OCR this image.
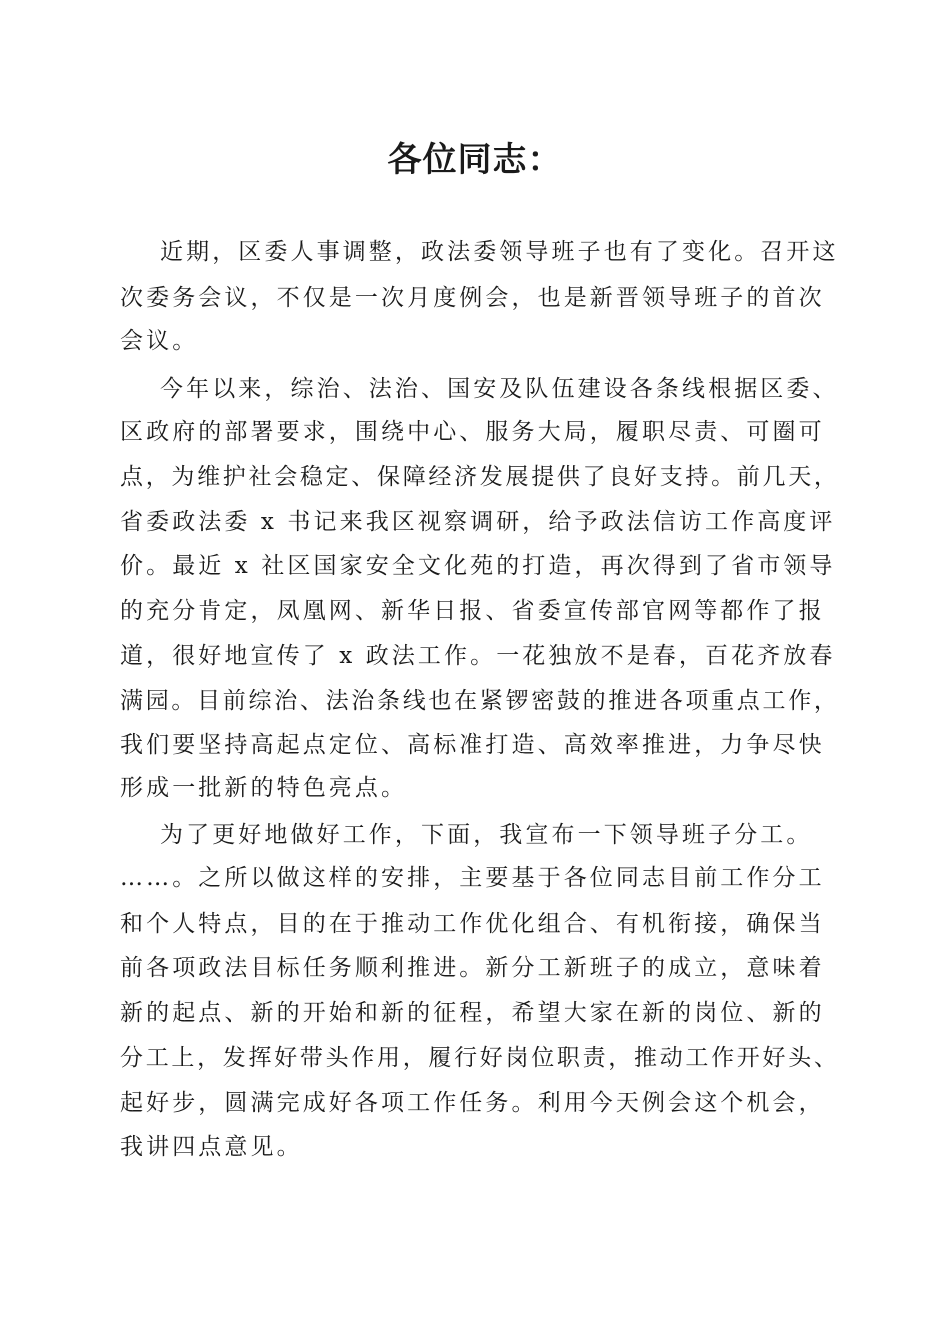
各位同志：

近期，区委人事调整，政法委领导班子也有了变化。召开这

次委务会议，不仅是一次月度例会，也是新晋领导班子的首次

会议。

今年以来，综治、法治、国安及队伍建设各条线根据区委、

区政府的部署要求，围绕中心、服务大局，履职尽责、可圈可

点，为维护社会稳定、保障经济发展提供了良好支持。前几天，

省委政法委 x 书记来我区视察调研，给予政法信访工作高度评

价。最近 x 社区国家安全文化苑的打造，再次得到了省市领导

的充分肯定，凤凰网、新华日报、省委宣传部官网等都作了报

道，很好地宣传了 x 政法工作。一花独放不是春，百花齐放春

满园。目前综治、法治条线也在紧锣密鼓的推进各项重点工作，

我们要坚持高起点定位、高标准打造、高效率推进，力争尽快

形成一批新的特色亮点。

为了更好地做好工作，下面，我宣布一下领导班子分工。

……。之所以做这样的安排，主要基于各位同志目前工作分工

和个人特点，目的在于推动工作优化组合、有机衔接，确保当

前各项政法目标任务顺利推进。新分工新班子的成立，意味着

新的起点、新的开始和新的征程，希望大家在新的岗位、新的

分工上，发挥好带头作用，履行好岗位职责，推动工作开好头、

起好步，圆满完成好各项工作任务。利用今天例会这个机会，

我讲四点意见。
